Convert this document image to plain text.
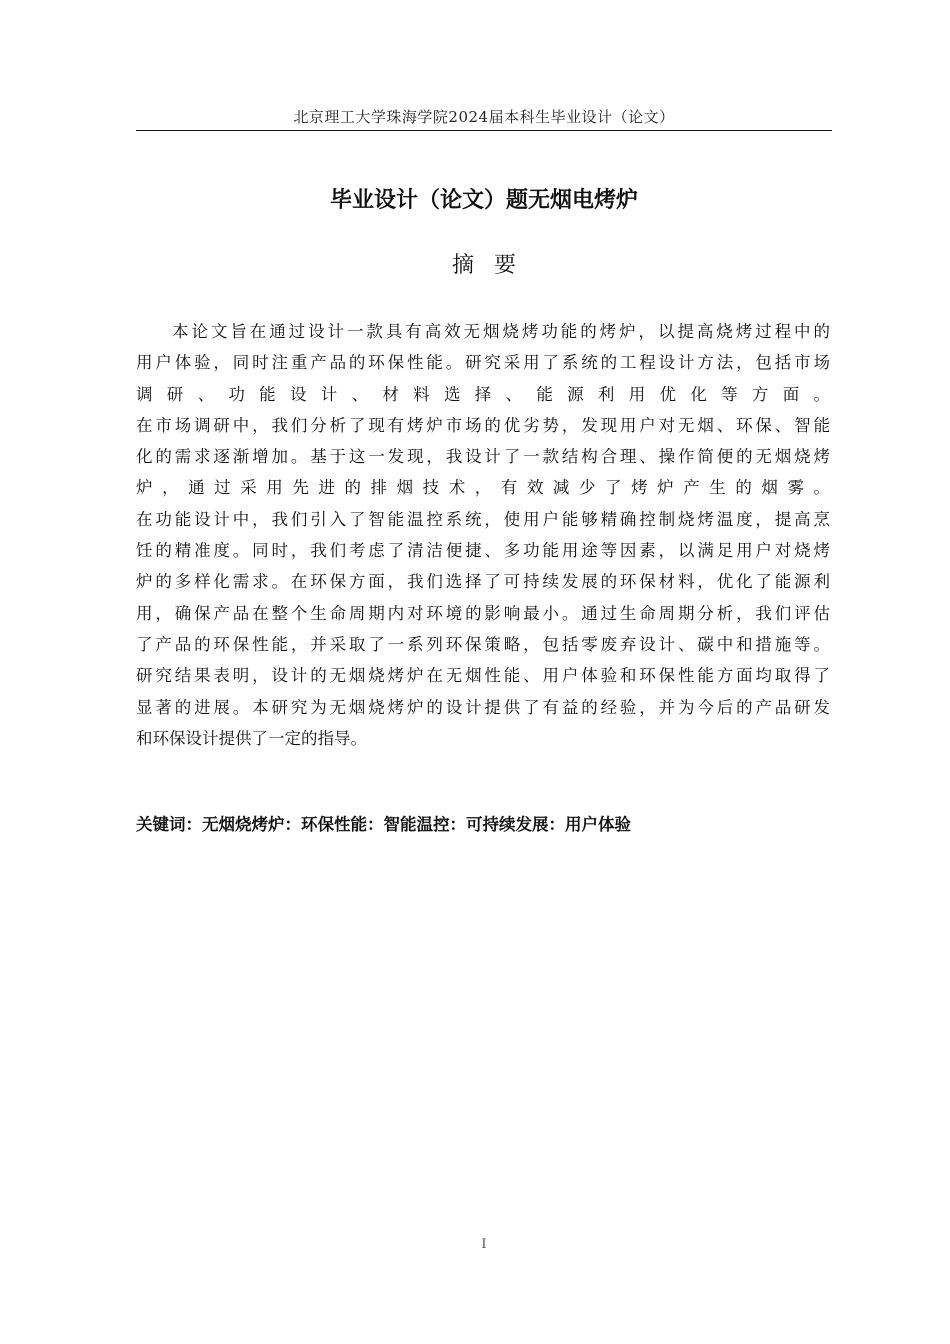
北京理工大学珠海学院2024届本科生毕业设计（论文）
毕业设计（论文）题无烟电烤炉
摘要
本论文旨在通过设计一款具有高效无烟烧烤功能的烤炉，以提高烧烤过程中的
用户体验，同时注重产品的环保性能。研究采用了系统的工程设计方法，包括市场
调研、功能设计、材料选择、能源利用优化等方面。
在市场调研中，我们分析了现有烤炉市场的优劣势，发现用户对无烟、环保、智能
化的需求逐渐增加。基于这一发现，我设计了一款结构合理、操作简便的无烟烧烤
炉，通过采用先进的排烟技术，有效减少了烤炉产生的烟雾。
在功能设计中，我们引入了智能温控系统，使用户能够精确控制烧烤温度，提高烹
饪的精准度。同时，我们考虑了清洁便捷、多功能用途等因素，以满足用户对烧烤
炉的多样化需求。在环保方面，我们选择了可持续发展的环保材料，优化了能源利
用，确保产品在整个生命周期内对环境的影响最小。通过生命周期分析，我们评估
了产品的环保性能，并采取了一系列环保策略，包括零废弃设计、碳中和措施等。
研究结果表明，设计的无烟烧烤炉在无烟性能、用户体验和环保性能方面均取得了
显著的进展。本研究为无烟烧烤炉的设计提供了有益的经验，并为今后的产品研发
和环保设计提供了一定的指导。
关键词：无烟烧烤炉：环保性能：智能温控：可持续发展：用户体验
I
